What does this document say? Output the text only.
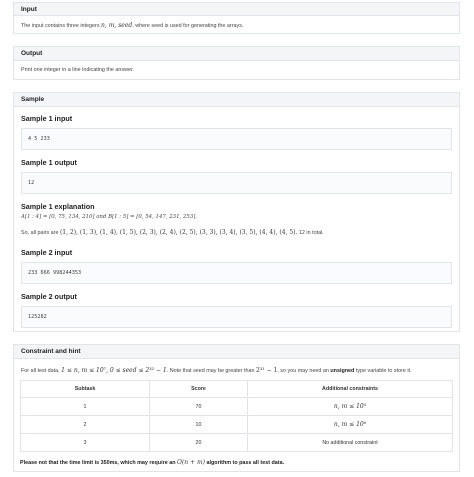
Input
The input contains three integers n, m, seed, where seed is used for generating the arrays.
Output
Print one integer in a line indicating the answer.
Sample
Sample 1 input
4 5 233
Sample 1 output
12
Sample 1 explanation
A[1 : 4] = [0, 75, 134, 210] and B[1 : 5] = [0, 54, 147, 231, 253].
So, all pairs are (1, 2), (1, 3), (1, 4), (1, 5), (2, 3), (2, 4), (2, 5), (3, 3), (3, 4), (3, 5), (4, 4), (4, 5). 12 in total.
Sample 2 input
233 666 998244353
Sample 2 output
125282
Constraint and hint
For all test data, 1 ≤ n, m ≤ 10⁷, 0 ≤ seed ≤ 2³² − 1. Note that seed may be greater than 2³¹ − 1, so you may need an unsigned type variable to store it.
Subtask	Score	Additional constraints
1	70	n, m ≤ 10⁵
2	10	n, m ≤ 10⁶
3	20	No additional constraint
Please not that the time limit is 350ms, which may require an O(n + m) algorithm to pass all test data.
